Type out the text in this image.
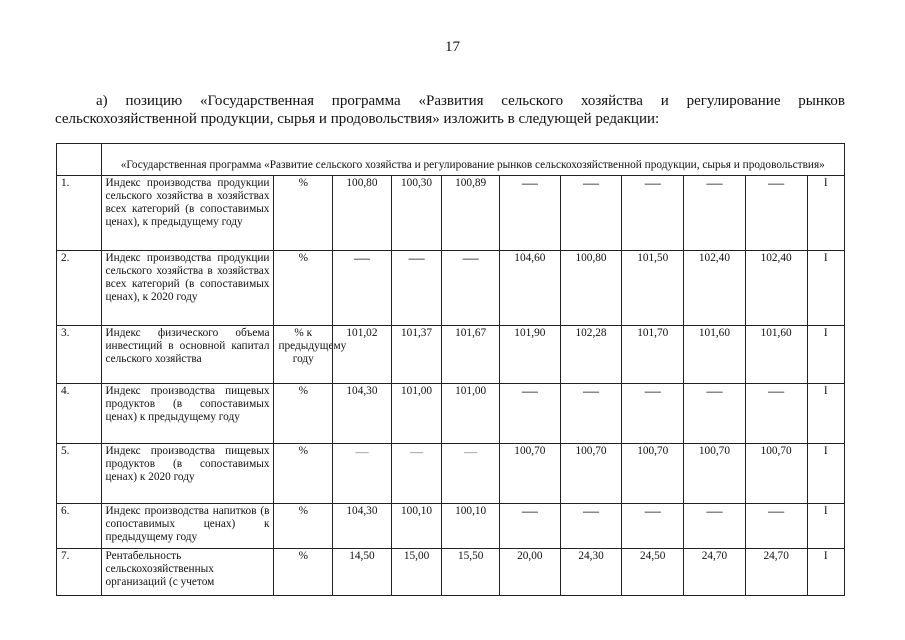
17
а) позицию «Государственная программа «Развития сельского хозяйства и регулирование рынков
сельскохозяйственной продукции, сырья и продовольствия» изложить в следующей редакции:
	«Государственная программа «Развитие сельского хозяйства и регулирование рынков сельскохозяйственной продукции, сырья и продовольствия»										
1.	Индекс производства продукции сельского хозяйства в хозяйствах всех категорий (в сопоставимых ценах), к предыдущему году	%	100,80	100,30	100,89	—	—	—	—	—	I
2.	Индекс производства продукции сельского хозяйства в хозяйствах всех категорий (в сопоставимых ценах), к 2020 году	%	—	—	—	104,60	100,80	101,50	102,40	102,40	I
3.	Индекс физического объема инвестиций в основной капитал сельского хозяйства	% к предыдущему году	101,02	101,37	101,67	101,90	102,28	101,70	101,60	101,60	I
4.	Индекс производства пищевых продуктов (в сопоставимых ценах) к предыдущему году	%	104,30	101,00	101,00	—	—	—	—	—	I
5.	Индекс производства пищевых продуктов (в сопоставимых ценах) к 2020 году	%	—	—	—	100,70	100,70	100,70	100,70	100,70	I
6.	Индекс производства напитков (в сопоставимых ценах) к предыдущему году	%	104,30	100,10	100,10	—	—	—	—	—	I
7.	Рентабельность сельскохозяйственных организаций (с учетом	%	14,50	15,00	15,50	20,00	24,30	24,50	24,70	24,70	I
